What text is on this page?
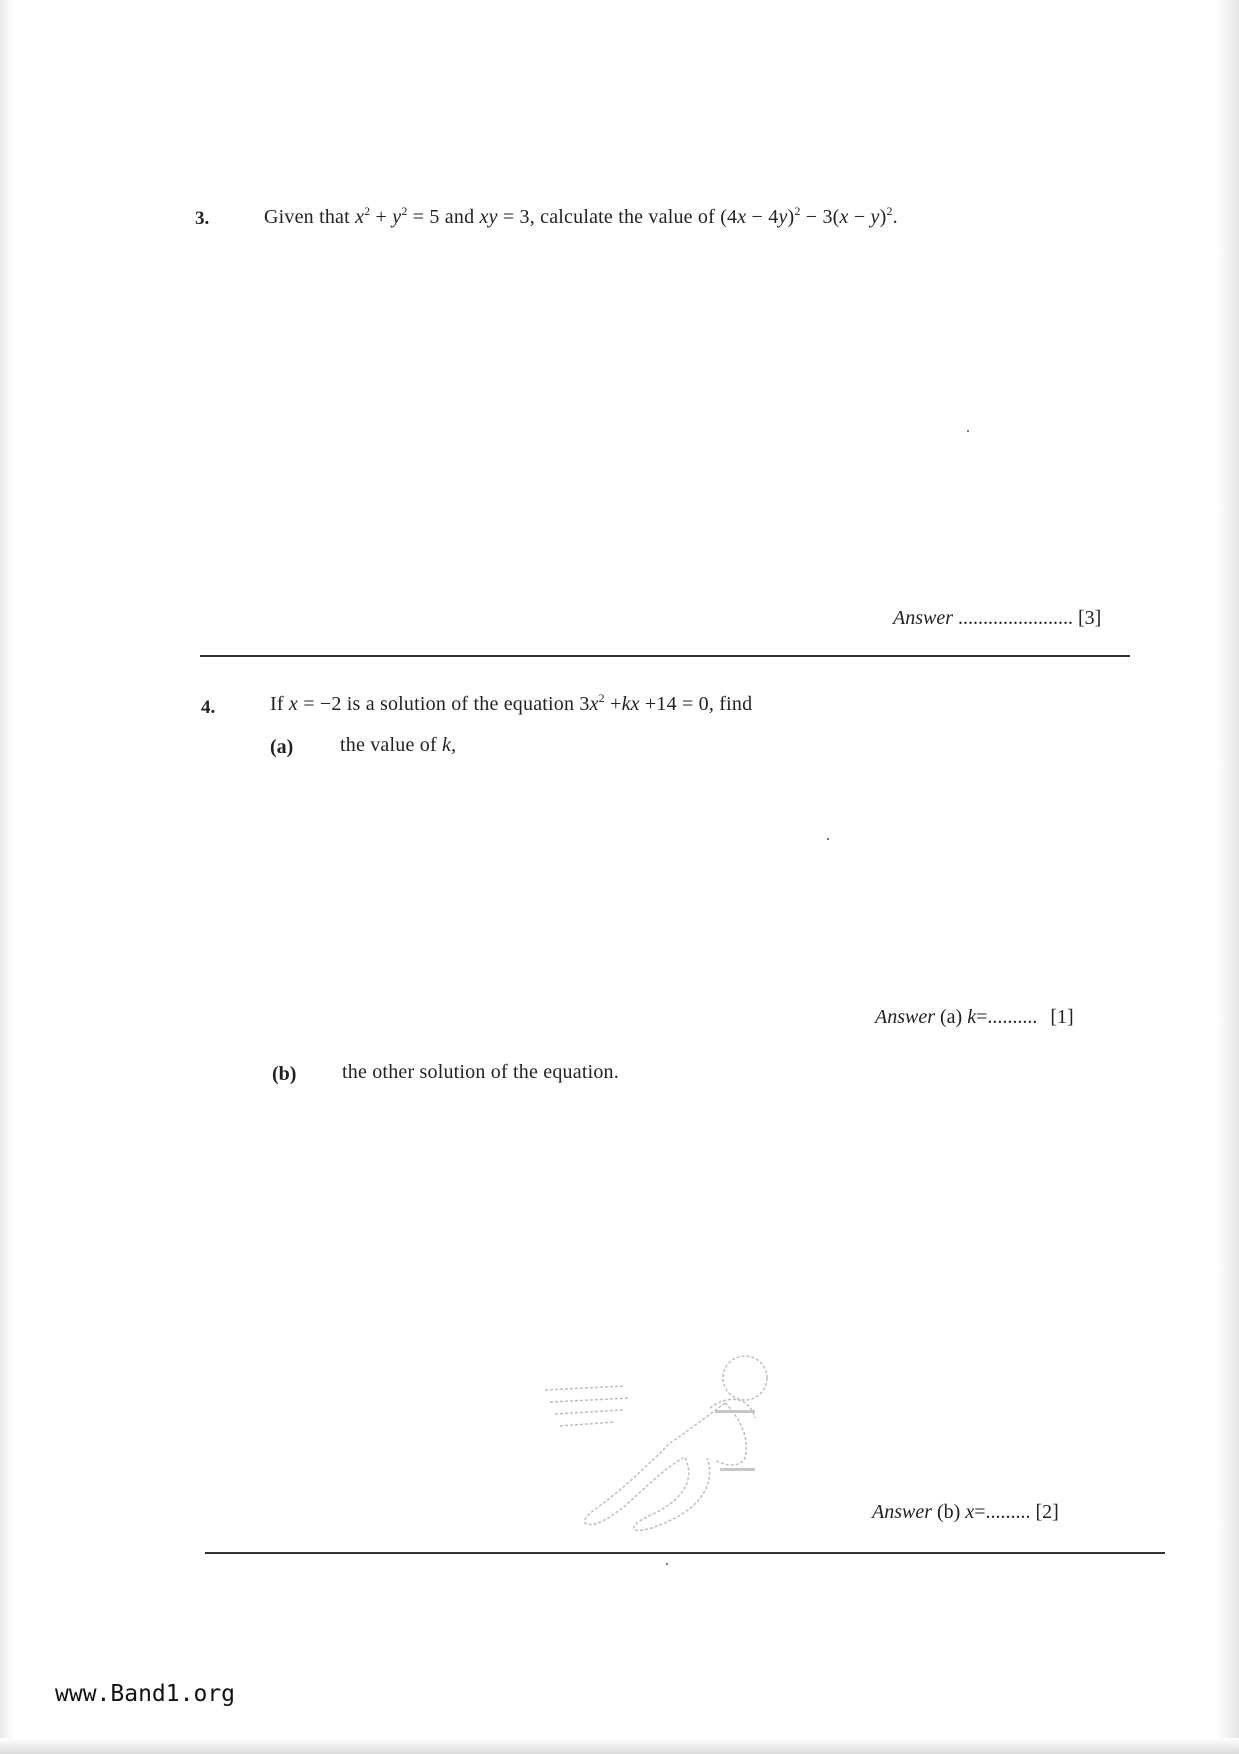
3.	Given that $x^2 + y^2 = 5$ and xy = 3, calculate the value of $(4x - 4y)^2 - 3(x - y)^2$.
Answer ....................... [3]
4.	If x = −2 is a solution of the equation $3x^2 +kx +14 = 0$, find
(a) the value of k,
Answer (a) k=.......... [1]
(b) the other solution of the equation.
Answer (b) x=......... [2]
www.Band1.org
